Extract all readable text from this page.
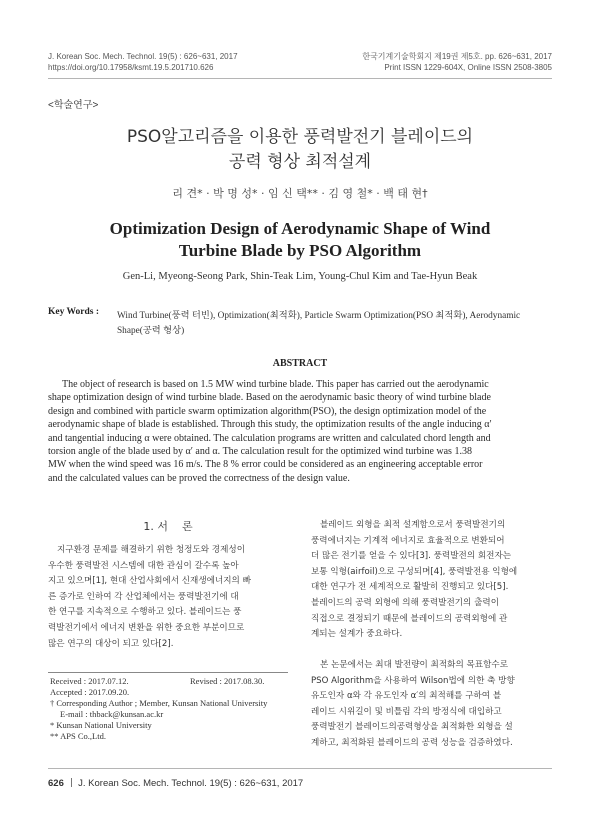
J. Korean Soc. Mech. Technol. 19(5) : 626~631, 2017
https://doi.org/10.17958/ksmt.19.5.201710.626
한국기계기술학회지 제19권 제5호. pp. 626~631, 2017
Print ISSN 1229-604X, Online ISSN 2508-3805
<학술연구>
PSO알고리즘을 이용한 풍력발전기 블레이드의
공력 형상 최적설계
리 견* · 박 명 성* · 임 신 택** · 김 영 철* · 백 태 현†
Optimization Design of Aerodynamic Shape of Wind
Turbine Blade by PSO Algorithm
Gen-Li, Myeong-Seong Park, Shin-Teak Lim, Young-Chul Kim and Tae-Hyun Beak
Key Words : Wind Turbine(풍력 터빈), Optimization(최적화), Particle Swarm Optimization(PSO 최적화), Aerodynamic
Shape(공력 형상)
ABSTRACT
The object of research is based on 1.5 MW wind turbine blade. This paper has carried out the aerodynamic
shape optimization design of wind turbine blade. Based on the aerodynamic basic theory of wind turbine blade
design and combined with particle swarm optimization algorithm(PSO), the design optimization model of the
aerodynamic shape of blade is established. Through this study, the optimization results of the angle inducing α′
and tangential inducing α were obtained. The calculation programs are written and calculated chord length and
torsion angle of the blade used by α′ and α. The calculation result for the optimized wind turbine was 1.38
MW when the wind speed was 16 m/s. The 8 % error could be considered as an engineering acceptable error
and the calculated values can be proved the correctness of the design value.
1. 서    론
지구환경 문제를 해결하기 위한 청정도와 경제성이
우수한 풍력발전 시스템에 대한 관심이 갈수록 높아
지고 있으며[1], 현대 산업사회에서 신재생에너지의 빠
른 증가로 인하여 각 산업체에서는 풍력발전기에 대
한 연구를 지속적으로 수행하고 있다. 블레이드는 풍
력발전기에서 에너지 변환을 위한 중요한 부분이므로
많은 연구의 대상이 되고 있다[2].
Received : 2017.07.12.	Revised : 2017.08.30.
Accepted : 2017.09.20.
† Corresponding Author ; Member, Kunsan National University
E-mail : thback@kunsan.ac.kr
* Kunsan National University
** APS Co.,Ltd.
블레이드 외형을 최적 설계함으로서 풍력발전기의
풍력에너지는 기계적 에너지로 효율적으로 변환되어
더 많은 전기를 얻을 수 있다[3]. 풍력발전의 회전자는
보통 익형(airfoil)으로 구성되며[4], 풍력발전용 익형에
대한 연구가 전 세계적으로 활발히 진행되고 있다[5].
블레이드의 공력 외형에 의해 풍력발전기의 출력이
직접으로 결정되기 때문에 블레이드의 공력외형에 관
계되는 설계가 중요하다.
본 논문에서는 최대 발전량이 최적화의 목표함수로
PSO Algorithm을 사용하여 Wilson법에 의한 축 방향
유도인자 α와 각 유도인자 α′의 최적해를 구하여 블
레이드 시위길이 및 비틀림 각의 방정식에 대입하고
풍력발전기 블레이드의공력형상을 최적화한 외형을 설
계하고, 최적화된 블레이드의 공력 성능을 검증하였다.
626 J. Korean Soc. Mech. Technol. 19(5) : 626~631, 2017
